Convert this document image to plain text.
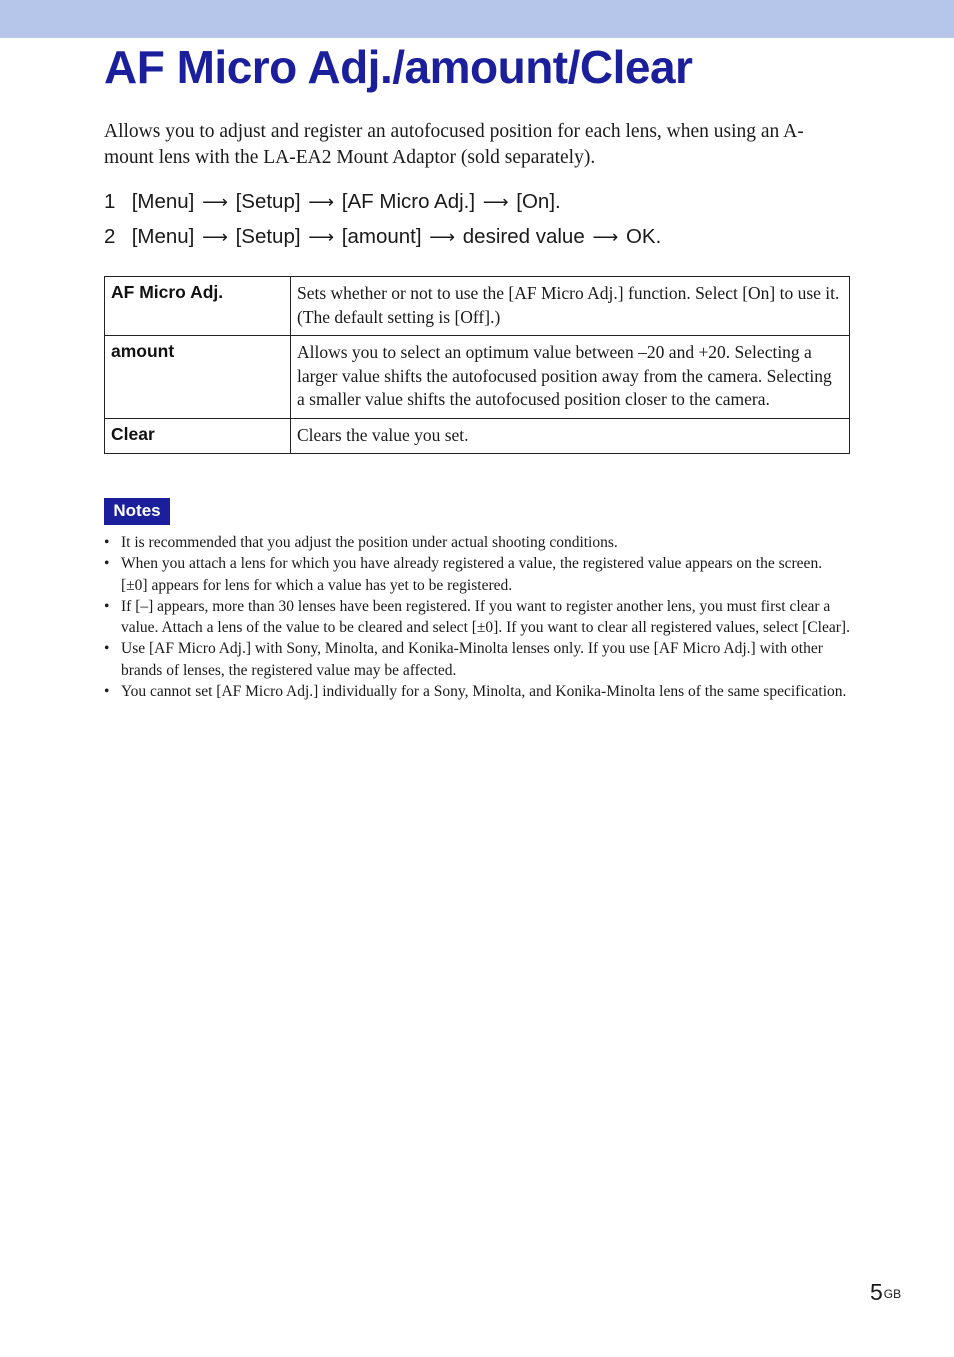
AF Micro Adj./amount/Clear

Allows you to adjust and register an autofocused position for each lens, when using an A-mount lens with the LA-EA2 Mount Adaptor (sold separately).

1 [Menu] ⟶ [Setup] ⟶ [AF Micro Adj.] ⟶ [On].
2 [Menu] ⟶ [Setup] ⟶ [amount] ⟶ desired value ⟶ OK.
AF Micro Adj.	Sets whether or not to use the [AF Micro Adj.] function. Select [On] to use it. (The default setting is [Off].)
amount	Allows you to select an optimum value between –20 and +20. Selecting a larger value shifts the autofocused position away from the camera. Selecting a smaller value shifts the autofocused position closer to the camera.
Clear	Clears the value you set.
Notes
• It is recommended that you adjust the position under actual shooting conditions.
• When you attach a lens for which you have already registered a value, the registered value appears on the screen. [±0] appears for lens for which a value has yet to be registered.
• If [–] appears, more than 30 lenses have been registered. If you want to register another lens, you must first clear a value. Attach a lens of the value to be cleared and select [±0]. If you want to clear all registered values, select [Clear].
• Use [AF Micro Adj.] with Sony, Minolta, and Konika-Minolta lenses only. If you use [AF Micro Adj.] with other brands of lenses, the registered value may be affected.
• You cannot set [AF Micro Adj.] individually for a Sony, Minolta, and Konika-Minolta lens of the same specification.
$5^{GB}$
